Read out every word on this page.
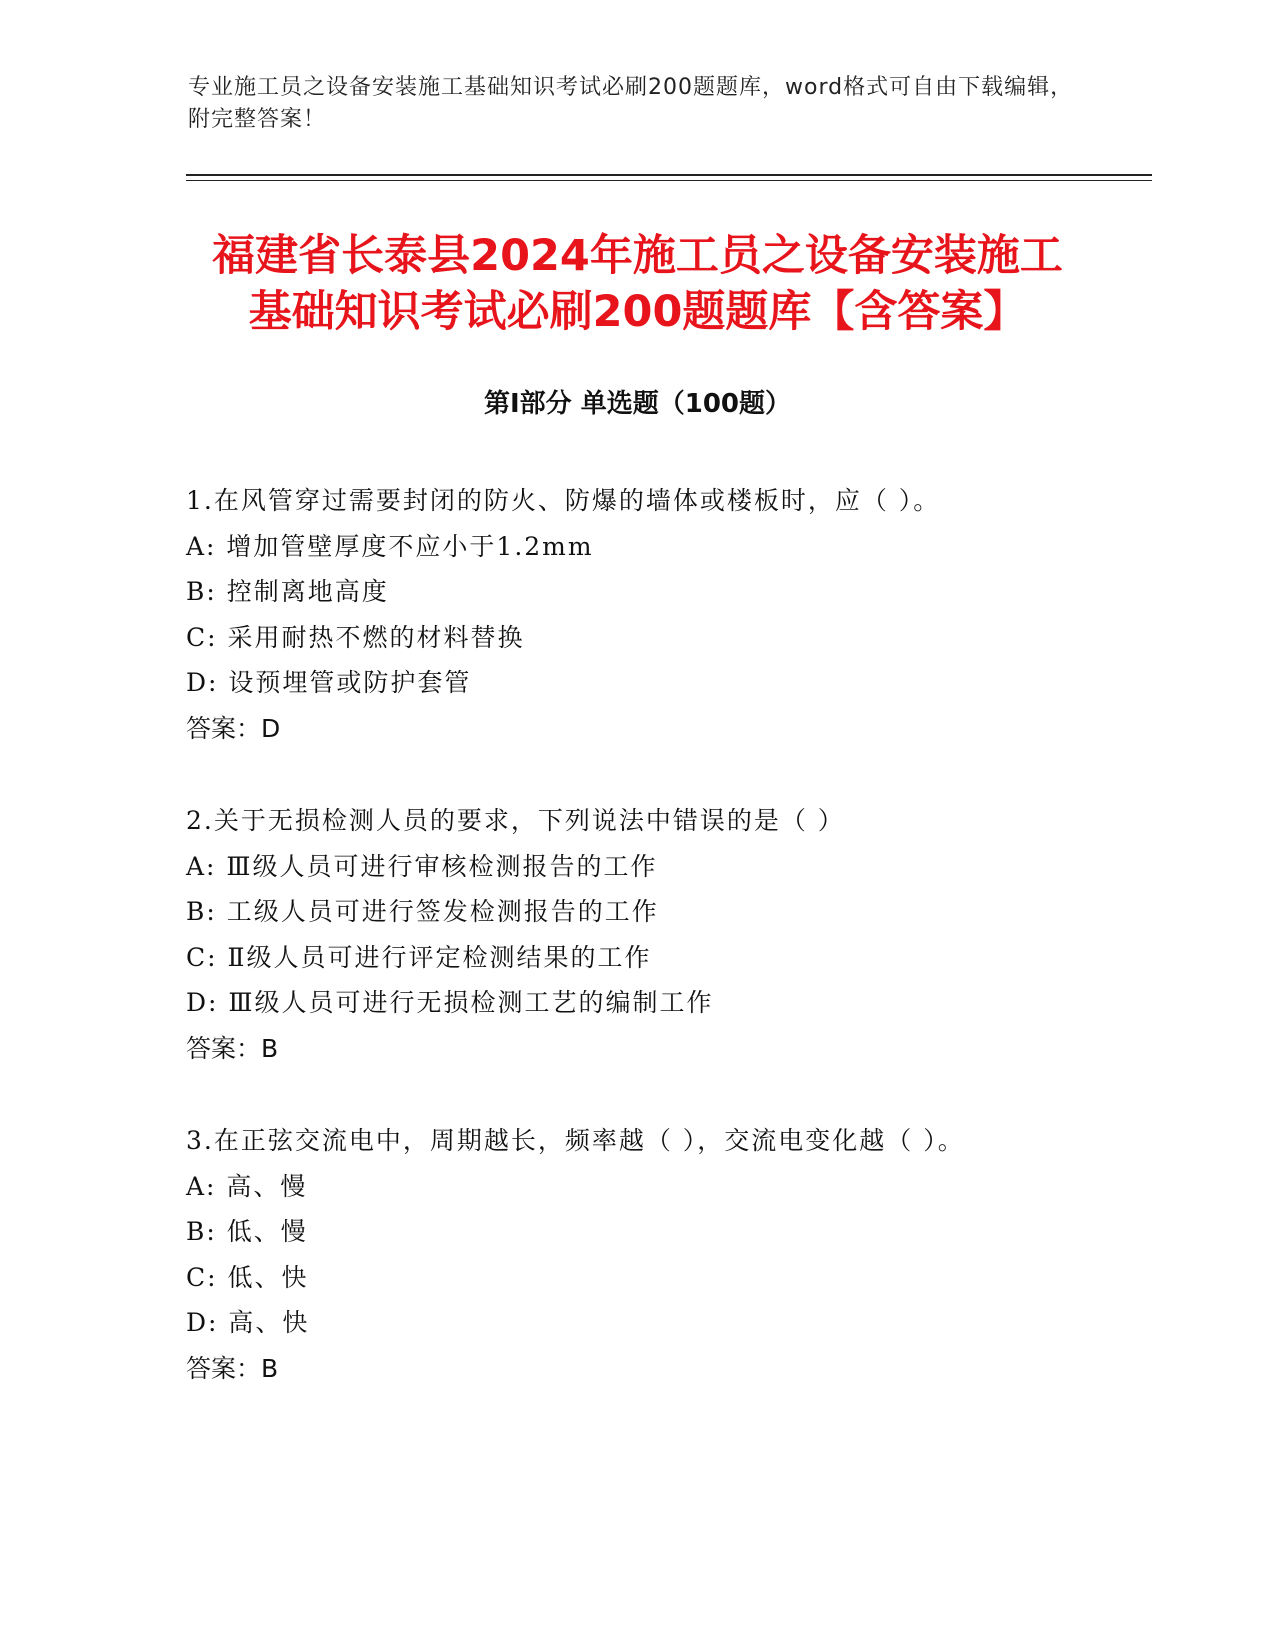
专业施工员之设备安装施工基础知识考试必刷200题题库，word格式可自由下载编辑，附完整答案！
福建省长泰县2024年施工员之设备安装施工
基础知识考试必刷200题题库【含答案】
第Ⅰ部分 单选题（100题）
1.在风管穿过需要封闭的防火、防爆的墙体或楼板时，应（ ）。
A: 增加管壁厚度不应小于1.2mm
B: 控制离地高度
C: 采用耐热不燃的材料替换
D: 设预埋管或防护套管
答案：D
2.关于无损检测人员的要求，下列说法中错误的是（ ）
A: Ⅲ级人员可进行审核检测报告的工作
B: 工级人员可进行签发检测报告的工作
C: Ⅱ级人员可进行评定检测结果的工作
D: Ⅲ级人员可进行无损检测工艺的编制工作
答案：B
3.在正弦交流电中，周期越长，频率越（ ），交流电变化越（ ）。
A: 高、慢
B: 低、慢
C: 低、快
D: 高、快
答案：B
